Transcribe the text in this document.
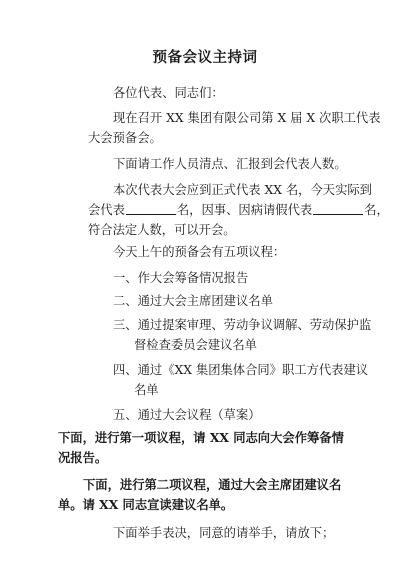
预备会议主持词
各位代表、同志们：
现在召开 XX 集团有限公司第 X 届 X 次职工代表
大会预备会。
下面请工作人员清点、汇报到会代表人数。
本次代表大会应到正式代表 XX 名，今天实际到
会代表	名，因事、因病请假代表	名，
符合法定人数，可以开会。
今天上午的预备会有五项议程：
一、作大会筹备情况报告
二、通过大会主席团建议名单
三、通过提案审理、劳动争议调解、劳动保护监
督检查委员会建议名单
四、通过《XX 集团集体合同》职工方代表建议
名单
五、通过大会议程（草案）
下面，进行第一项议程，请 XX 同志向大会作筹备情
况报告。
下面，进行第二项议程，通过大会主席团建议名
单。请 XX 同志宣读建议名单。
下面举手表决，同意的请举手，请放下；
